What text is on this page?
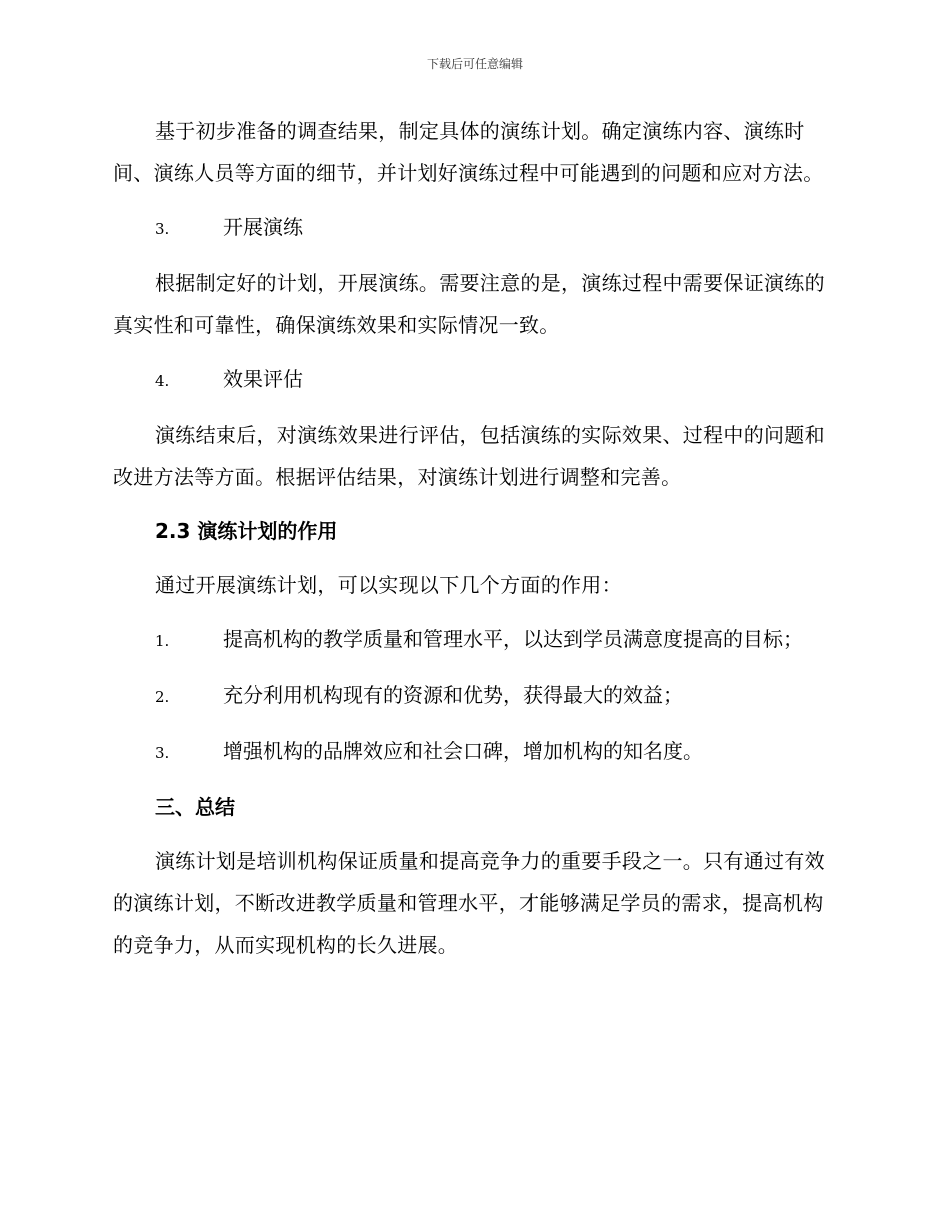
下载后可任意编辑

基于初步准备的调查结果，制定具体的演练计划。确定演练内容、演练时间、演练人员等方面的细节，并计划好演练过程中可能遇到的问题和应对方法。

3.	开展演练

根据制定好的计划，开展演练。需要注意的是，演练过程中需要保证演练的真实性和可靠性，确保演练效果和实际情况一致。

4.	效果评估

演练结束后，对演练效果进行评估，包括演练的实际效果、过程中的问题和改进方法等方面。根据评估结果，对演练计划进行调整和完善。

2.3 演练计划的作用

通过开展演练计划，可以实现以下几个方面的作用：

1.	提高机构的教学质量和管理水平，以达到学员满意度提高的目标；
2.	充分利用机构现有的资源和优势，获得最大的效益；
3.	增强机构的品牌效应和社会口碑，增加机构的知名度。
三、总结

演练计划是培训机构保证质量和提高竞争力的重要手段之一。只有通过有效的演练计划，不断改进教学质量和管理水平，才能够满足学员的需求，提高机构的竞争力，从而实现机构的长久进展。
